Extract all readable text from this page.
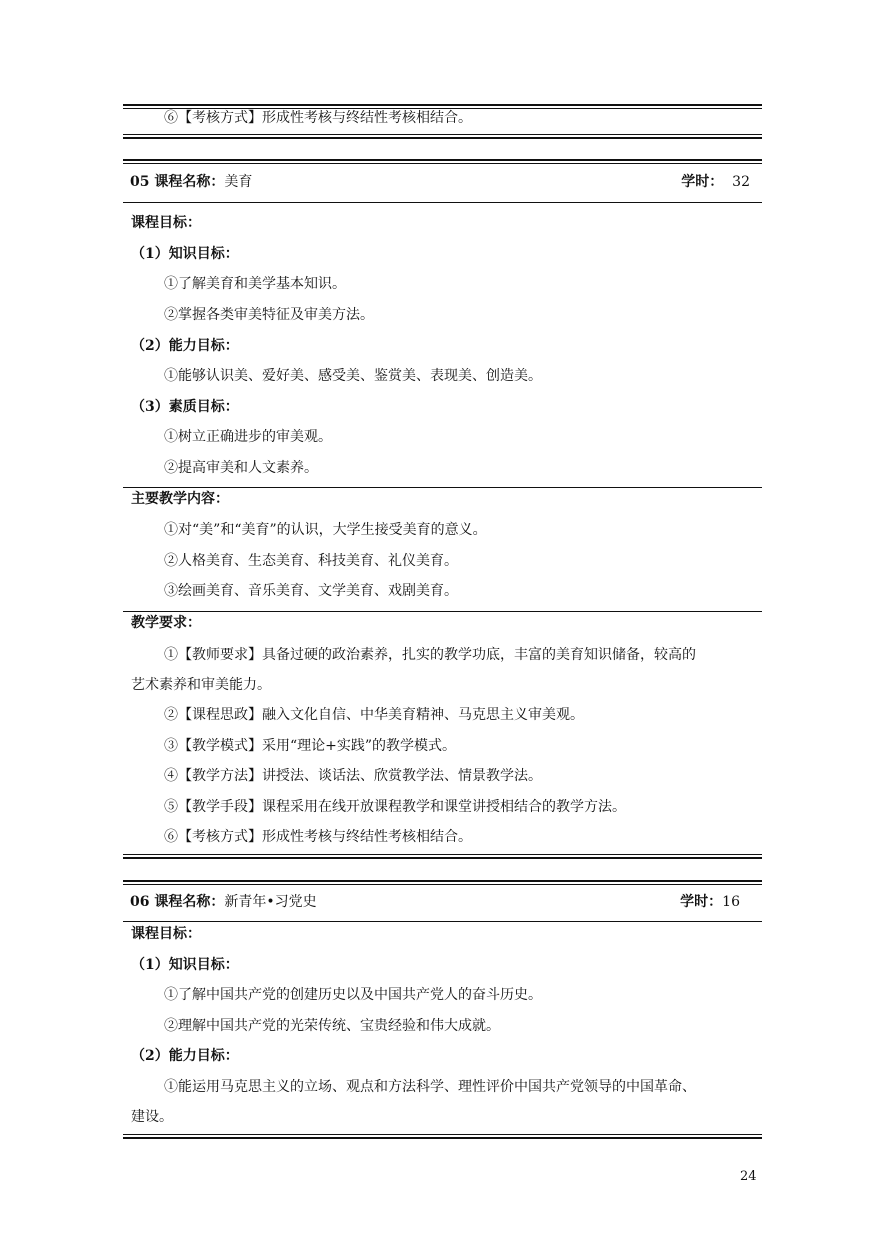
⑥【考核方式】形成性考核与终结性考核相结合。
05 课程名称：美育	学时： 32
课程目标：
（1）知识目标：
①了解美育和美学基本知识。
②掌握各类审美特征及审美方法。
（2）能力目标：
①能够认识美、爱好美、感受美、鉴赏美、表现美、创造美。
（3）素质目标：
①树立正确进步的审美观。
②提高审美和人文素养。
主要教学内容：
①对“美”和“美育”的认识，大学生接受美育的意义。
②人格美育、生态美育、科技美育、礼仪美育。
③绘画美育、音乐美育、文学美育、戏剧美育。
教学要求：
①【教师要求】具备过硬的政治素养，扎实的教学功底，丰富的美育知识储备，较高的
艺术素养和审美能力。
②【课程思政】融入文化自信、中华美育精神、马克思主义审美观。
③【教学模式】采用“理论+实践”的教学模式。
④【教学方法】讲授法、谈话法、欣赏教学法、情景教学法。
⑤【教学手段】课程采用在线开放课程教学和课堂讲授相结合的教学方法。
⑥【考核方式】形成性考核与终结性考核相结合。
06 课程名称：新青年•习党史	学时：16
课程目标：
（1）知识目标：
①了解中国共产党的创建历史以及中国共产党人的奋斗历史。
②理解中国共产党的光荣传统、宝贵经验和伟大成就。
（2）能力目标：
①能运用马克思主义的立场、观点和方法科学、理性评价中国共产党领导的中国革命、
建设。
24
